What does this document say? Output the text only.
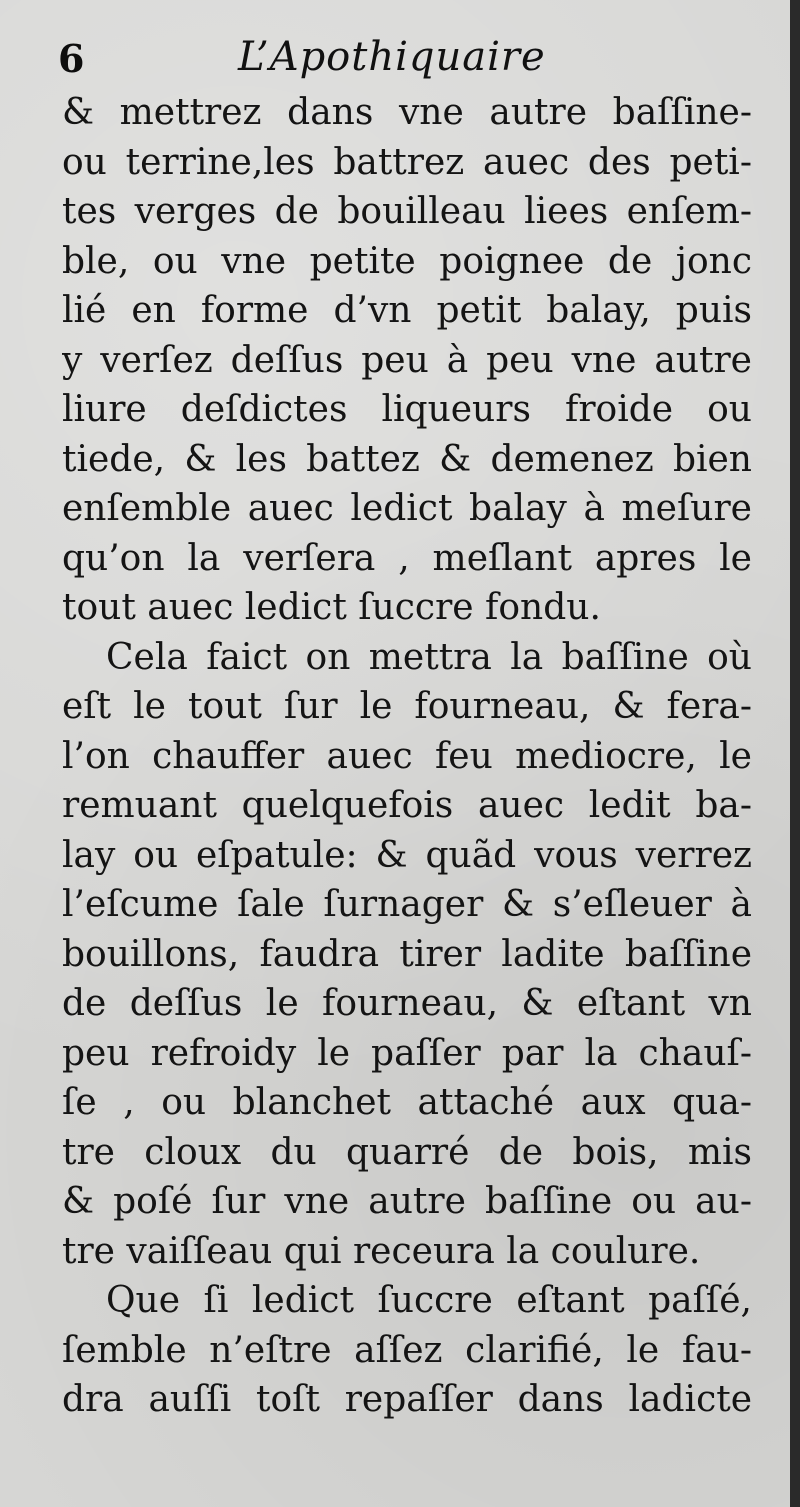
6	L’Apothiquaire
& mettrez dans vne autre baſſine-
ou terrine,les battrez auec des peti-
tes verges de bouilleau liees enſem-
ble, ou vne petite poignee de jonc
lié en forme d’vn petit balay, puis
y verſez deſſus peu à peu vne autre
liure deſdictes liqueurs froide ou
tiede, & les battez & demenez bien
enſemble auec ledict balay à meſure
qu’on la verſera , meſlant apres le
tout auec ledict ſuccre fondu.
Cela faict on mettra la baſſine où
eſt le tout ſur le fourneau, & fera-
l’on chauffer auec feu mediocre, le
remuant quelquefois auec ledit ba-
lay ou eſpatule: & quãd vous verrez
l’eſcume ſale ſurnager & s’eſleuer à
bouillons, faudra tirer ladite baſſine
de deſſus le fourneau, & eſtant vn
peu refroidy le paſſer par la chauſ-
ſe , ou blanchet attaché aux qua-
tre cloux du quarré de bois, mis
& poſé ſur vne autre baſſine ou au-
tre vaiſſeau qui receura la coulure.
Que ſi ledict ſuccre eſtant paſſé,
ſemble n’eſtre aſſez clarifié, le fau-
dra auſſi toſt repaſſer dans ladicte
